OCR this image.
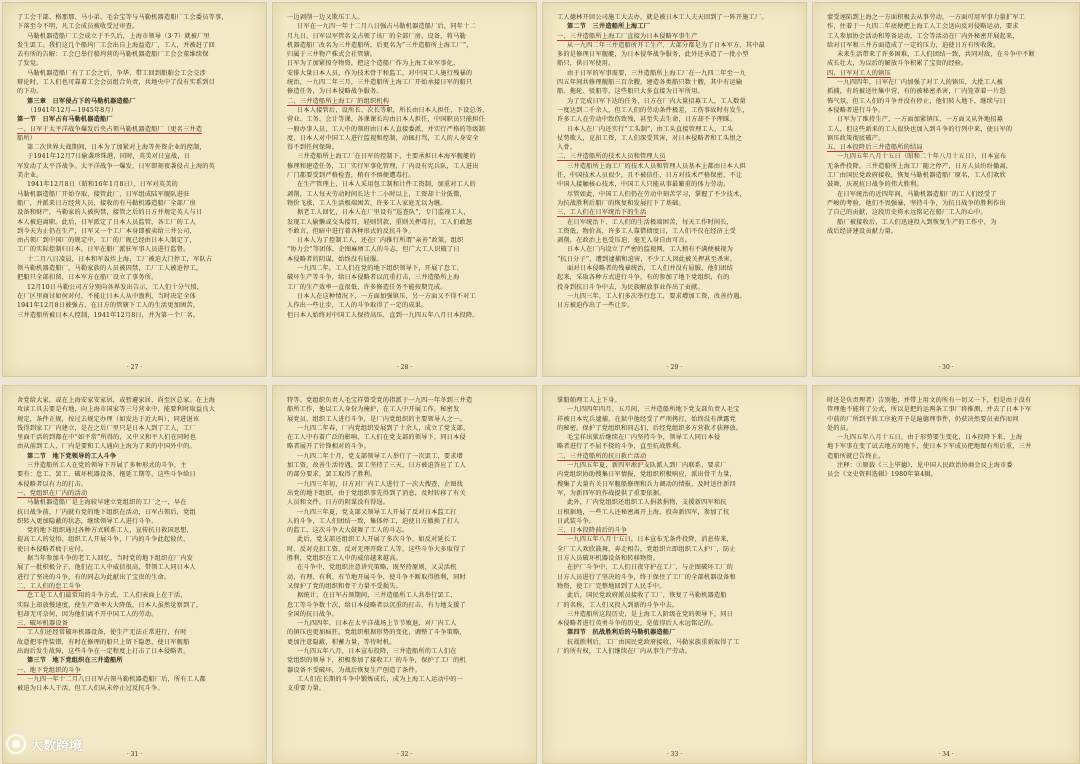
了工会干部、格那那、马小弟、毛金宝等与马勒机器造船厂工会委员等事，

下落至今不明，凡工会成员被收受过审查。

马勒机器造船厂工会成立于不久后，上海市领导（3·7）就被厂里

发生罢工。我们这几个船坞厂工会出自上海益造厂，工人，并被赶了回

去有所的告解：工会已举行船坞营的马勒机器造船厂工会会董维续保

了发觉。

马勒机器造船厂有了工会之后，争华、带工回到船舶会工会交涉

辩论时，工人们也可靠着工会会员组合负责，共地央中了没有实系到目

的下功。

第三章　日军侵占下的马勒机器造船厂

（1941年12月—1945年8月）

第一节　日军占有马勒机器造船厂

一、日军于太平洋战争爆发后夹占领马勒机器造船厂（更名三井造

船所）

第二次世界大战期间，日本为了加紧对上海等外资企业的控制，

于1941年12月7日偷袭珍珠港，同时，英美对日宣战，日

军发动了太平洋战争。太平洋战争一爆发，日军即刻夜袭侵占上海的英

美企业。

1941年12月8日（昭和16年1月8日），日军对英美的

马勒机器造船厂开始夺取，接管此厂，日军组成陆军舰队进驻

船厂，并派来日方经营人员，接收的有马勒机器造船厂全部厂房

设备和财产，马勒家的人被拘禁，接管之后的日方并规定英人与日

本人被迫离职。此后，日军派定了日本人员监管，各工厂的工人

到今天为止仍在生产，日军又一个工厂本身即被卖给三井公司，

由占领厂到中国厂的规定中，工厂的厂规已经由日本人制定了，

工厂的实际控制归日本，日军在船厂派驻军事人员进行监督。

十二月八日凌晨，日本和军轰炸上海，工厂被迫大门停工，军队占

领马勒机器造船厂，马勒家族的人员被囚禁，工厂工人被迫停工，

把船只全部扣留，日本军方在船厂设立了事务所。

12月10日马勒公司方分别向各界发出告示，工人们十分气愤，

在厂区里商讨如何对付，不能让日本人从中渔利，当时决定全体

1941年12月8日被强占，在日方的管辖下工人的生活更加困苦，

三井造船所被日本人控制，1941年12月8日，并为第一个厂名。

· 27 ·

一边剥削一边又欺压工人。

日军在一九四一年十二月八日强占马勒机器造船厂后，同年十二

月九日，日军以军管名义占领了该厂的全部厂房、设备，将马勒

机器造船厂改名为三井造船所，后更名为“三井造船所上海工厂”，

归属于三井物产株式会社管辖。

日军为了加紧掠夺物资，把这个造船厂作为上海工业军事化，

安排大量日本人员，作为技术骨干和监工，对中国工人施行残暴的

统治，一九四二年三月，三井造船所上海工厂开始承接日军的船只

修造任务，为日本侵略战争服务。

二、三井造船所上海工厂的组织机构

日本人接管后，设所长、次长等职，所长由日本人担任，下设总务、

营业、工务、会计等课，各课课长均由日本人担任，中国职员只能担任

一般办事人员，工人中的领班由日本人直接委派，并实行严格的等级制

度，日本人对中国工人进行监视和控制，动辄打骂，工人的人身安全

得不到任何保障。

三井造船所上海工厂在日军的控制下，主要承担日本海军舰艇的

修理和建造任务，工厂实行军事化管理，厂内设有宪兵队，工人进出

厂门都要受到严格检查，稍有不慎便遭毒打。

在生产管理上，日本人采用包工制和计件工资制，加重对工人的

剥削，工人每天劳动时间长达十二小时以上，工资却十分低微，

物价飞涨，工人生活极端困苦，许多工人家庭无以为继。

据老工人回忆，日本人在厂里设有“巡查队”，专门监视工人，

发现工人偷懒或交头接耳，轻则罚款，重则关押毒打，工人们敢怒

不敢言，但暗中进行着各种形式的反抗斗争。

日本人为了控制工人，还在厂内推行所谓“亲善”政策，组织

“协力会”等团体，企图麻痹工人的斗志，但广大工人识破了日

本侵略者的阴谋，始终没有屈服。

一九四二年，工人们在党的地下组织领导下，开展了怠工、

破坏生产等斗争，给日本侵略者以沉重打击，三井造船所上海

工厂的生产效率一直很低，许多修造任务不能按期完成。

日本人在这种情况下，一方面加强镇压，另一方面又不得不对工

人作出一些让步，工人的斗争取得了一定的成果。

但日本人始终对中国工人保持高压，直到一九四五年八月日本投降。

· 28 ·

工人德林开回公司施工大去办，就是被日本工人夫天回到了一阵开施工厂。

第二节　三井造船所上海工厂

一、三井造船所上海工厂直接为日本侵略军事生产

从一九四二年三井造船所开工生产，大部分都是为了日本军方，其中最

多的是修理日军舰艇，为日本侵华战争服务，此外还承造了一批小型

船只，供日军使用。

由于日军的军事需要，三井造船所上海工厂在一九四二年至一九

四五年间共修理舰船三百余艘，建造各类船只数十艘，其中有运输

船、拖轮、驳船等，这些船只大多直接为日军所用。

为了完成日军下达的任务，日方在厂内大量招募工人，工人数量

一度达到二千余人，但工人们的劳动条件极差，工伤事故时有发生，

许多工人在劳动中致伤致残，甚至失去生命，日方却不予理睬。

日本人在厂内还实行“工头制”，由工头直接管理工人，工头

仗势欺人，克扣工资，工人们深受其害，对日本侵略者和工头恨之

入骨。

二、三井造船所的技术人员和管理人员

三井造船所上海工厂的技术人员和管理人员基本上都由日本人担

任，中国技术人员很少，且不被信任，日方对技术严格保密，不让

中国人接触核心技术，中国工人只能从事最繁重的体力劳动。

尽管如此，中国工人们仍在劳动中刻苦学习，掌握了不少技术，

为抗战胜利后船厂的恢复和发展打下了基础。

三、工人们在日军统治下的生活

在日军统治下，工人们的生活极端困苦，每天工作时间长，

工资低，物价高，许多工人靠借债度日，工人们不仅在经济上受

剥削，在政治上也受压迫，毫无人身自由可言。

日本人在厂内设立了严密的监视网，工人稍有不满便被视为

“抗日分子”，遭到逮捕和迫害，不少工人因此被关押甚至杀害。

面对日本侵略者的残暴统治，工人们并没有屈服，他们团结

起来，采取各种方式进行斗争，有的参加了地下党组织，有的

投身到抗日斗争中去，为民族解放事业作出了贡献。

一九四三年，工人们多次举行怠工，要求增加工资，改善待遇。

日方被迫作出了一些让步。

· 29 ·

蒙受诬陷到上海之一方面积极去从事劳动，一方面可用军事力量扩军工

作，住着于一九四二年底便把上海工人工会送向反对侵略运动，要求

工人参加协会活动和筹备运动，工会等活动在厂内外秘密开展起来，

给对日军和三井方面造成了一定的压力，迫使日方有所收敛。

未来生活带来了许多困难，工人们团结一致，共同对敌，在斗争中不断

成长壮大，为以后的解放斗争积累了宝贵的经验。

四、日军对工人的镇压

一九四四年，日军在厂内加强了对工人的镇压，大批工人被

抓捕，有的被送往集中营，有的被秘密杀害，厂内笼罩着一片恐

怖气氛，但工人们的斗争并没有停止，他们转入地下，继续与日

本侵略者进行斗争。

日军为了维持生产，一方面加紧镇压，一方面又从外地招募

工人，但这些新来的工人很快也加入到斗争的行列中来，使日军的

镇压政策彻底破产。

五、日本投降后三井造船所的结局

一九四五年八月十五日（昭和二十年八月十五日），日本宣布

无条件投降，三井造船所上海工厂随之停产，日方人员纷纷撤离，

工厂由国民党政府接收，恢复马勒机器造船厂原名，工人们欢欣

鼓舞，庆祝抗日战争的伟大胜利。

在日军统治的近四年间，马勒机器造船厂的工人们经受了

严峻的考验，他们不畏强暴，坚持斗争，为抗日战争的胜利作出

了自己的贡献，这段历史将永远铭记在船厂工人的心中。

船厂被接收后，工人们迅速投入到恢复生产的工作中，为

战后经济建设贡献力量。

· 30 ·

舍党给大家，或在上海安家安家居，或暂避家居，尚至区总家。在上海

攻读工具去要是有地，向上海市国家等三号营业中，能要利时取益良大

规定，条件正规，按过去规定办理（如发达于近大叫），同进退该

钱得到家工厂内建立，是在之后厂里只是日本人到了工人，工厂

里面干活的到都在中“如平常”所得的，又中又和平人们在同时也

由从前到工人，厂内是要和工人通向上海为了来的中国外中的。

第二节　地下党领导的工人斗争

三井造船所工人在党的领导下开展了多种形式的斗争，主

要有：怠工、罢工、破坏机器设备、拖延工期等，这些斗争给日

本侵略者以有力的打击。

一、党组织在厂内的活动

马勒机器造船厂是上海较早建立党组织的工厂之一，早在

抗日战争前，厂内就有党的地下组织在活动，日军占领后，党组

织转入更加隐蔽的状态，继续领导工人进行斗争。

党的地下组织通过各种方式联系工人，宣传抗日救国思想，

提高工人的觉悟，组织工人开展斗争，厂内的斗争此起彼伏，

使日本侵略者疲于应付。

据当年参加斗争的老工人回忆，当时党的地下组织在厂内发

展了一批积极分子，他们在工人中威信很高，带领工人同日本人

进行了坚决的斗争，有的同志为此献出了宝贵的生命。

二、工人们的怠工斗争

怠工是工人们最常用的斗争方式，工人们表面上在干活，

实际上却放慢速度，使生产效率大大降低，日本人虽然觉察到了，

但却无可奈何，因为他们离不开中国工人的劳动。

三、破坏机器设备

工人们还经常破坏机器设备，使生产无法正常进行，有时

故意把零件装错，有时在修理的船只上留下隐患，使日军舰船

出海后发生故障，这些斗争在一定程度上打击了日本侵略者。

第三节　地下党组织在三井造船所

一、地下党组织的斗争

一九四一年十二月八日日军占领马勒机器造船厂后，所有工人都

被迫为日本人干活，但工人们从未停止过反抗斗争。

· 31 ·

特等。党组织负责人毛宝祥曾受党的指派于一九四一年冬到三井造

船所工作，他以工人身份为掩护，在工人中开展工作，秘密发

展党员，组织工人进行斗争，是厂内党组织的主要领导人之一。

一九四二年春，厂内党组织发展到了十余人，成立了党支部，

在工人中有着广泛的影响，工人们在党支部的领导下，同日本侵

略者展开了针锋相对的斗争。

一九四二年十月，党支部领导工人举行了一次罢工，要求增

加工资，改善生活待遇，罢工坚持了三天，日方被迫答应了工人

的部分要求，罢工取得了胜利。

一九四三年初，日方对厂内工人进行了一次大搜查，企图找

出党的地下组织，由于党组织事先得到了消息，及时转移了有关

人员和文件，日方的阴谋没有得逞。

一九四三年夏，党支部又领导工人开展了反对日本监工打

人的斗争，工人们团结一致，集体停工，迫使日方撤换了打人

的监工，这次斗争大大鼓舞了工人的斗志。

此后，党支部还组织工人开展了多次斗争，如反对延长工

时、反对克扣工资、反对无理开除工人等，这些斗争大多取得了

胜利，党组织在工人中的威信越来越高。

在斗争中，党组织注意讲究策略，既坚持原则，又灵活机

动，有理、有利、有节地开展斗争，使斗争不断取得胜利，同时

又保护了党的组织和骨干力量不受损失。

据统计，在日军占领期间，三井造船所工人共举行罢工、

怠工等斗争数十次，给日本侵略者以沉重的打击，有力地支援了

全国的抗日战争。

一九四四年，日本在太平洋战场上节节败退，对厂内工人

的镇压也更加疯狂，党组织根据形势的变化，调整了斗争策略，

更加注意隐蔽，积蓄力量，等待时机。

一九四五年八月，日本宣布投降，三井造船所的工人们在

党组织的领导下，积极参加了接收工厂的斗争，保护了工厂的机

器设备不受破坏，为战后恢复生产创造了条件。

工人们在长期的斗争中锻炼成长，成为上海工人运动中的一

支重要力量。

· 32 ·

掌船舶理工人上下身。

一九四四年四月、五月间，三井造船所地下党支部负责人毛宝

祥被日本宪兵逮捕，在狱中他经受了严刑拷打，始终没有泄露党

的秘密，保护了党组织和同志们，后经党组织多方营救才获释放。

毛宝祥出狱后继续在厂内坚持斗争，领导工人同日本侵

略者进行了不屈不挠的斗争，直至抗战胜利。

二、三井造船所的抗日救亡活动

一九四五年夏，新四军淞沪支队派人到厂内联系，要求厂

内党组织协助搜集日军情报，党组织积极响应，派出骨干力量，

搜集了大量有关日军舰船修理和兵力调动的情报，及时送往新四

军，为新四军的作战提供了重要依据。

此外，厂内党组织还组织工人捐款捐物，支援新四军和抗

日根据地，一些工人还秘密离开上海，投奔新四军，参加了抗

日武装斗争。

三、日本投降前后的斗争

一九四五年八月十五日，日本宣布无条件投降，消息传来，

全厂工人欢欣鼓舞，奔走相告，党组织立即组织工人护厂，防止

日方人员破坏机器设备和转移物资。

在护厂斗争中，工人们日夜守护在工厂，与企图破坏工厂的

日方人员进行了坚决的斗争，终于保住了工厂的全部机器设备和

物资，使工厂完整地回到了人民手中。

此后，国民党政府派员接收了工厂，恢复了马勒机器造船

厂的名称，工人们又投入到新的斗争中去。

三井造船所这段历史，是上海工人阶级在党的领导下，同日

本侵略者进行英勇斗争的历史，是值得后人永远铭记的。

第四节　抗战胜利后的马勒机器造船厂

抗战胜利后，工厂由国民党政府接收，马勒家族重新取得了工

厂的所有权，工人们继续在厂内从事生产劳动。

· 33 ·

时还是负责理者）告别他，并带上用文的所有一切又一下，但是由于没有

管理他不能将了公式，所以是把的运两条工事厂将推测，并去了日本下军

中前的厂所到平转工序抢开予是遍德理事件，仍获决然要员表作而问

处的员。

一九四五年八月十五日，由于形势要生变化，日本投降下来，上海

地下军事在变了试去地方的地下，使日本下军成员把地图有所后重，三井

造船所就已告终止。

注释：①原载《三上毕德》，见中国人民政治协商会议上海市委

员会《文史资料选辑》1980年第4辑。

· 34 ·
大数跨境
